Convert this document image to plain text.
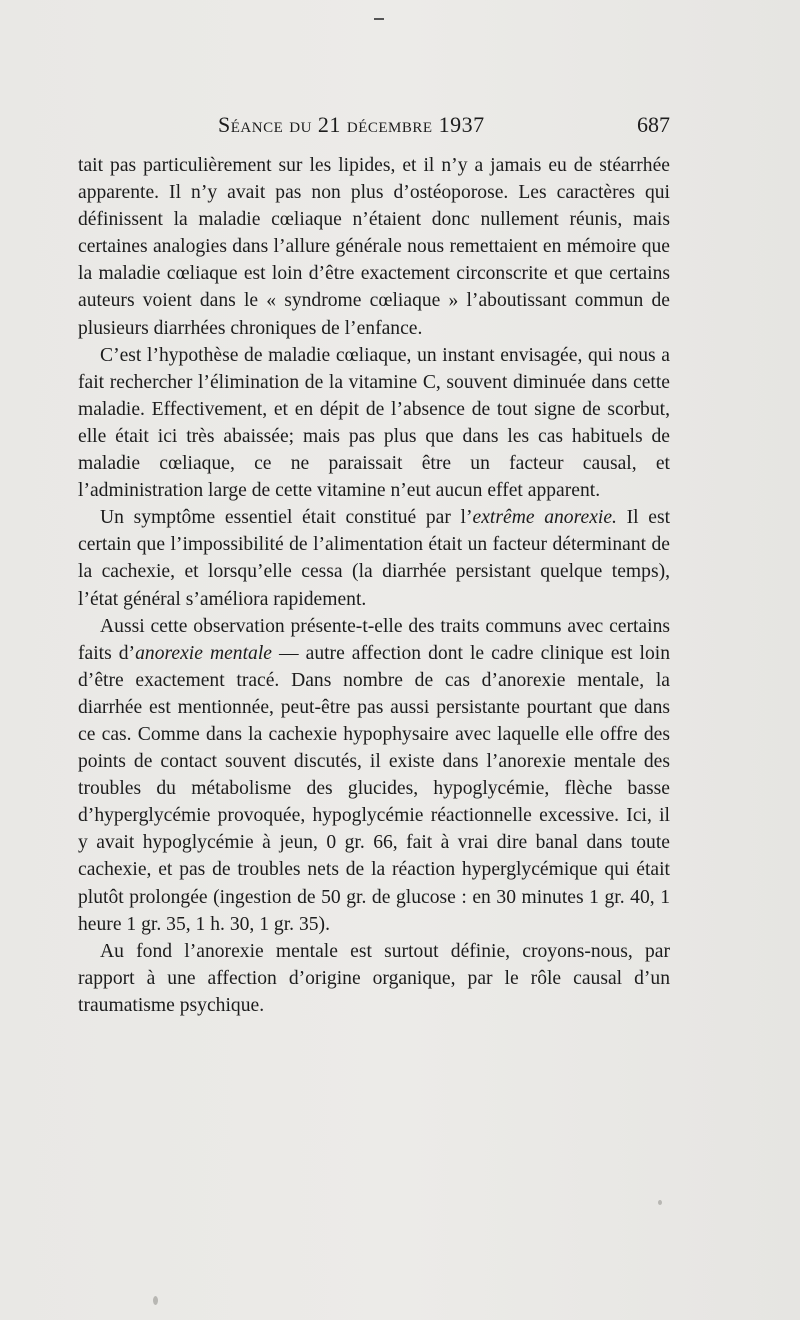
Séance du 21 décembre 1937	687

tait pas particulièrement sur les lipides, et il n’y a jamais eu de stéarrhée apparente. Il n’y avait pas non plus d’ostéoporose. Les caractères qui définissent la maladie cœliaque n’étaient donc nullement réunis, mais certaines analogies dans l’allure générale nous remettaient en mémoire que la maladie cœliaque est loin d’être exactement circonscrite et que certains auteurs voient dans le « syndrome cœliaque » l’aboutissant commun de plusieurs diarrhées chroniques de l’enfance.

C’est l’hypothèse de maladie cœliaque, un instant envisagée, qui nous a fait rechercher l’élimination de la vitamine C, souvent diminuée dans cette maladie. Effectivement, et en dépit de l’absence de tout signe de scorbut, elle était ici très abaissée; mais pas plus que dans les cas habituels de maladie cœliaque, ce ne paraissait être un facteur causal, et l’administration large de cette vitamine n’eut aucun effet apparent.

Un symptôme essentiel était constitué par l’extrême anorexie. Il est certain que l’impossibilité de l’alimentation était un facteur déterminant de la cachexie, et lorsqu’elle cessa (la diarrhée persistant quelque temps), l’état général s’améliora rapidement.

Aussi cette observation présente-t-elle des traits communs avec certains faits d’anorexie mentale — autre affection dont le cadre clinique est loin d’être exactement tracé. Dans nombre de cas d’anorexie mentale, la diarrhée est mentionnée, peut-être pas aussi persistante pourtant que dans ce cas. Comme dans la cachexie hypophysaire avec laquelle elle offre des points de contact souvent discutés, il existe dans l’anorexie mentale des troubles du métabolisme des glucides, hypoglycémie, flèche basse d’hyperglycémie provoquée, hypoglycémie réactionnelle excessive. Ici, il y avait hypoglycémie à jeun, 0 gr. 66, fait à vrai dire banal dans toute cachexie, et pas de troubles nets de la réaction hyperglycémique qui était plutôt prolongée (ingestion de 50 gr. de glucose : en 30 minutes 1 gr. 40, 1 heure 1 gr. 35, 1 h. 30, 1 gr. 35).

Au fond l’anorexie mentale est surtout définie, croyons-nous, par rapport à une affection d’origine organique, par le rôle causal d’un traumatisme psychique.
